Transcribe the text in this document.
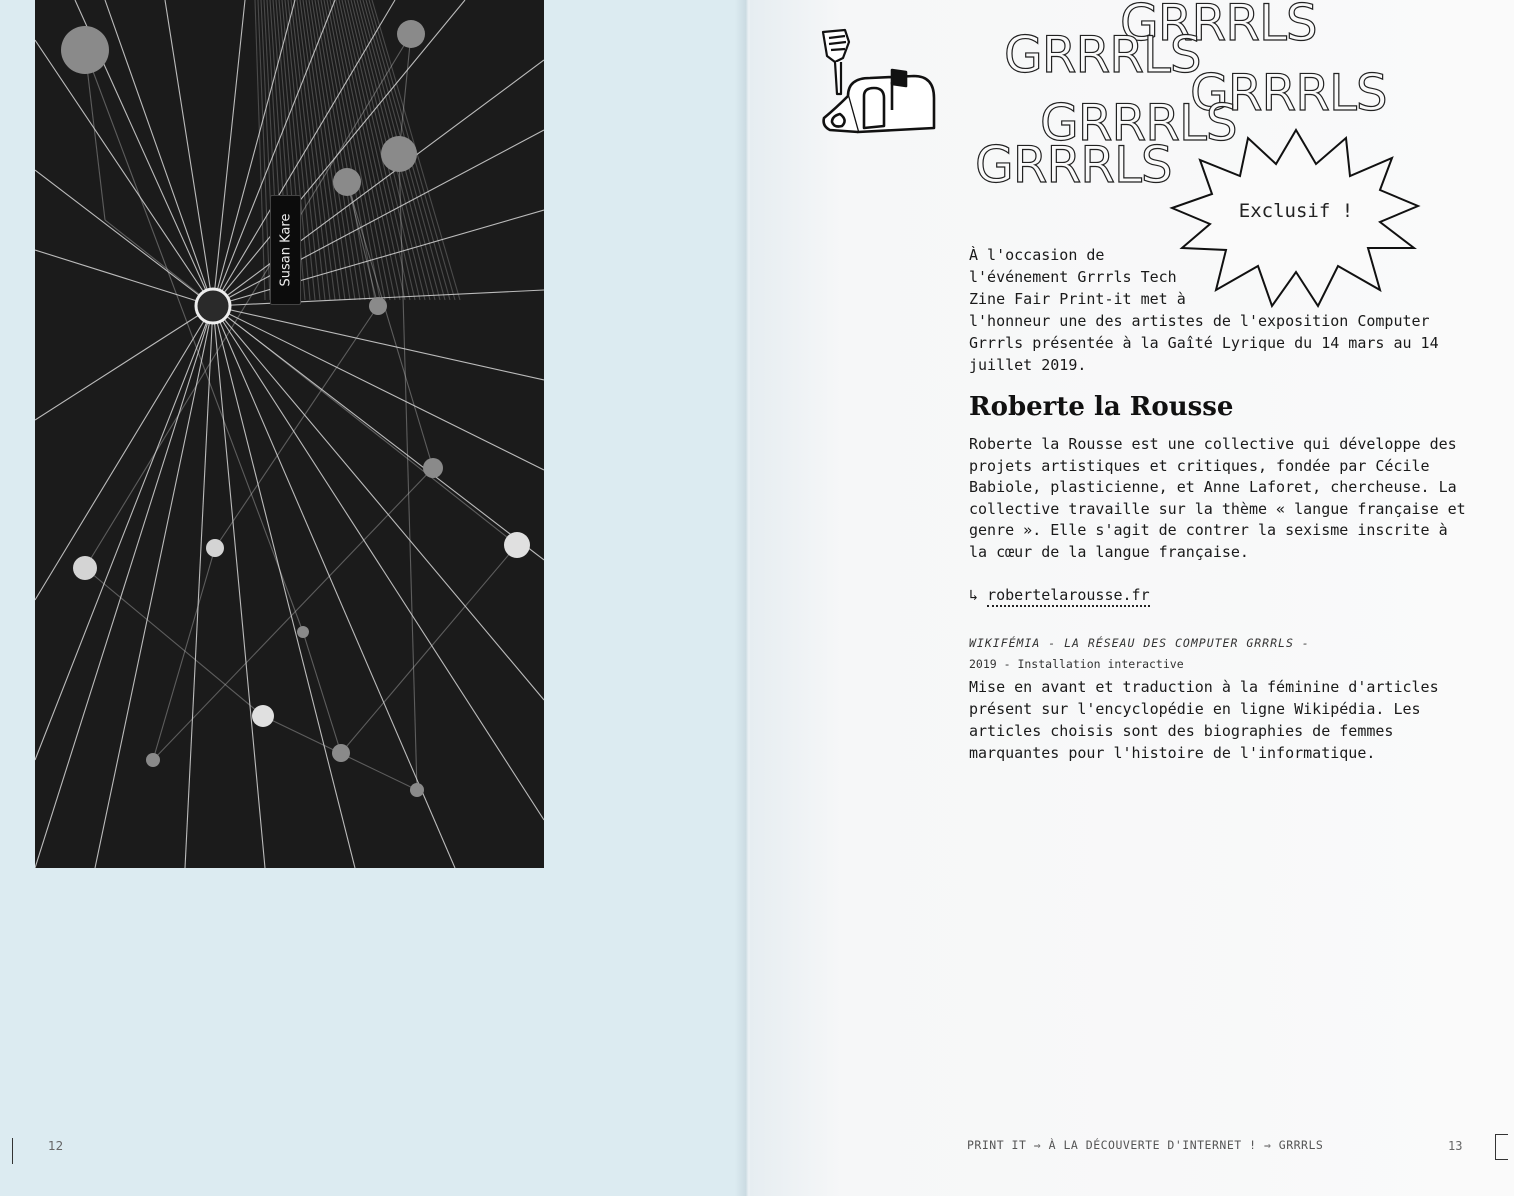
Susan Kare
12
GRRRLS
GRRRLS
GRRRLS
GRRRLS
GRRRLS
Exclusif !
À l'occasion de
l'événement Grrrls Tech
Zine Fair Print-it met à
l'honneur une des artistes de l'exposition Computer Grrrls présentée à la Gaîté Lyrique du 14 mars au 14 juillet 2019.
Roberte la Rousse

Roberte la Rousse est une collective qui développe des projets artistiques et critiques, fondée par Cécile Babiole, plasticienne, et Anne Laforet, chercheuse. La collective travaille sur la thème « langue française et genre ». Elle s'agit de contrer la sexisme inscrite à la cœur de la langue française.

↳ robertelarousse.fr
WIKIFÉMIA - LA RÉSEAU DES COMPUTER GRRRLS -
2019 - Installation interactive

Mise en avant et traduction à la féminine d'articles présent sur l'encyclopédie en ligne Wikipédia. Les articles choisis sont des biographies de femmes marquantes pour l'histoire de l'informatique.

PRINT IT ⇒ À LA DÉCOUVERTE D'INTERNET ! ⇒ GRRRLS	13
